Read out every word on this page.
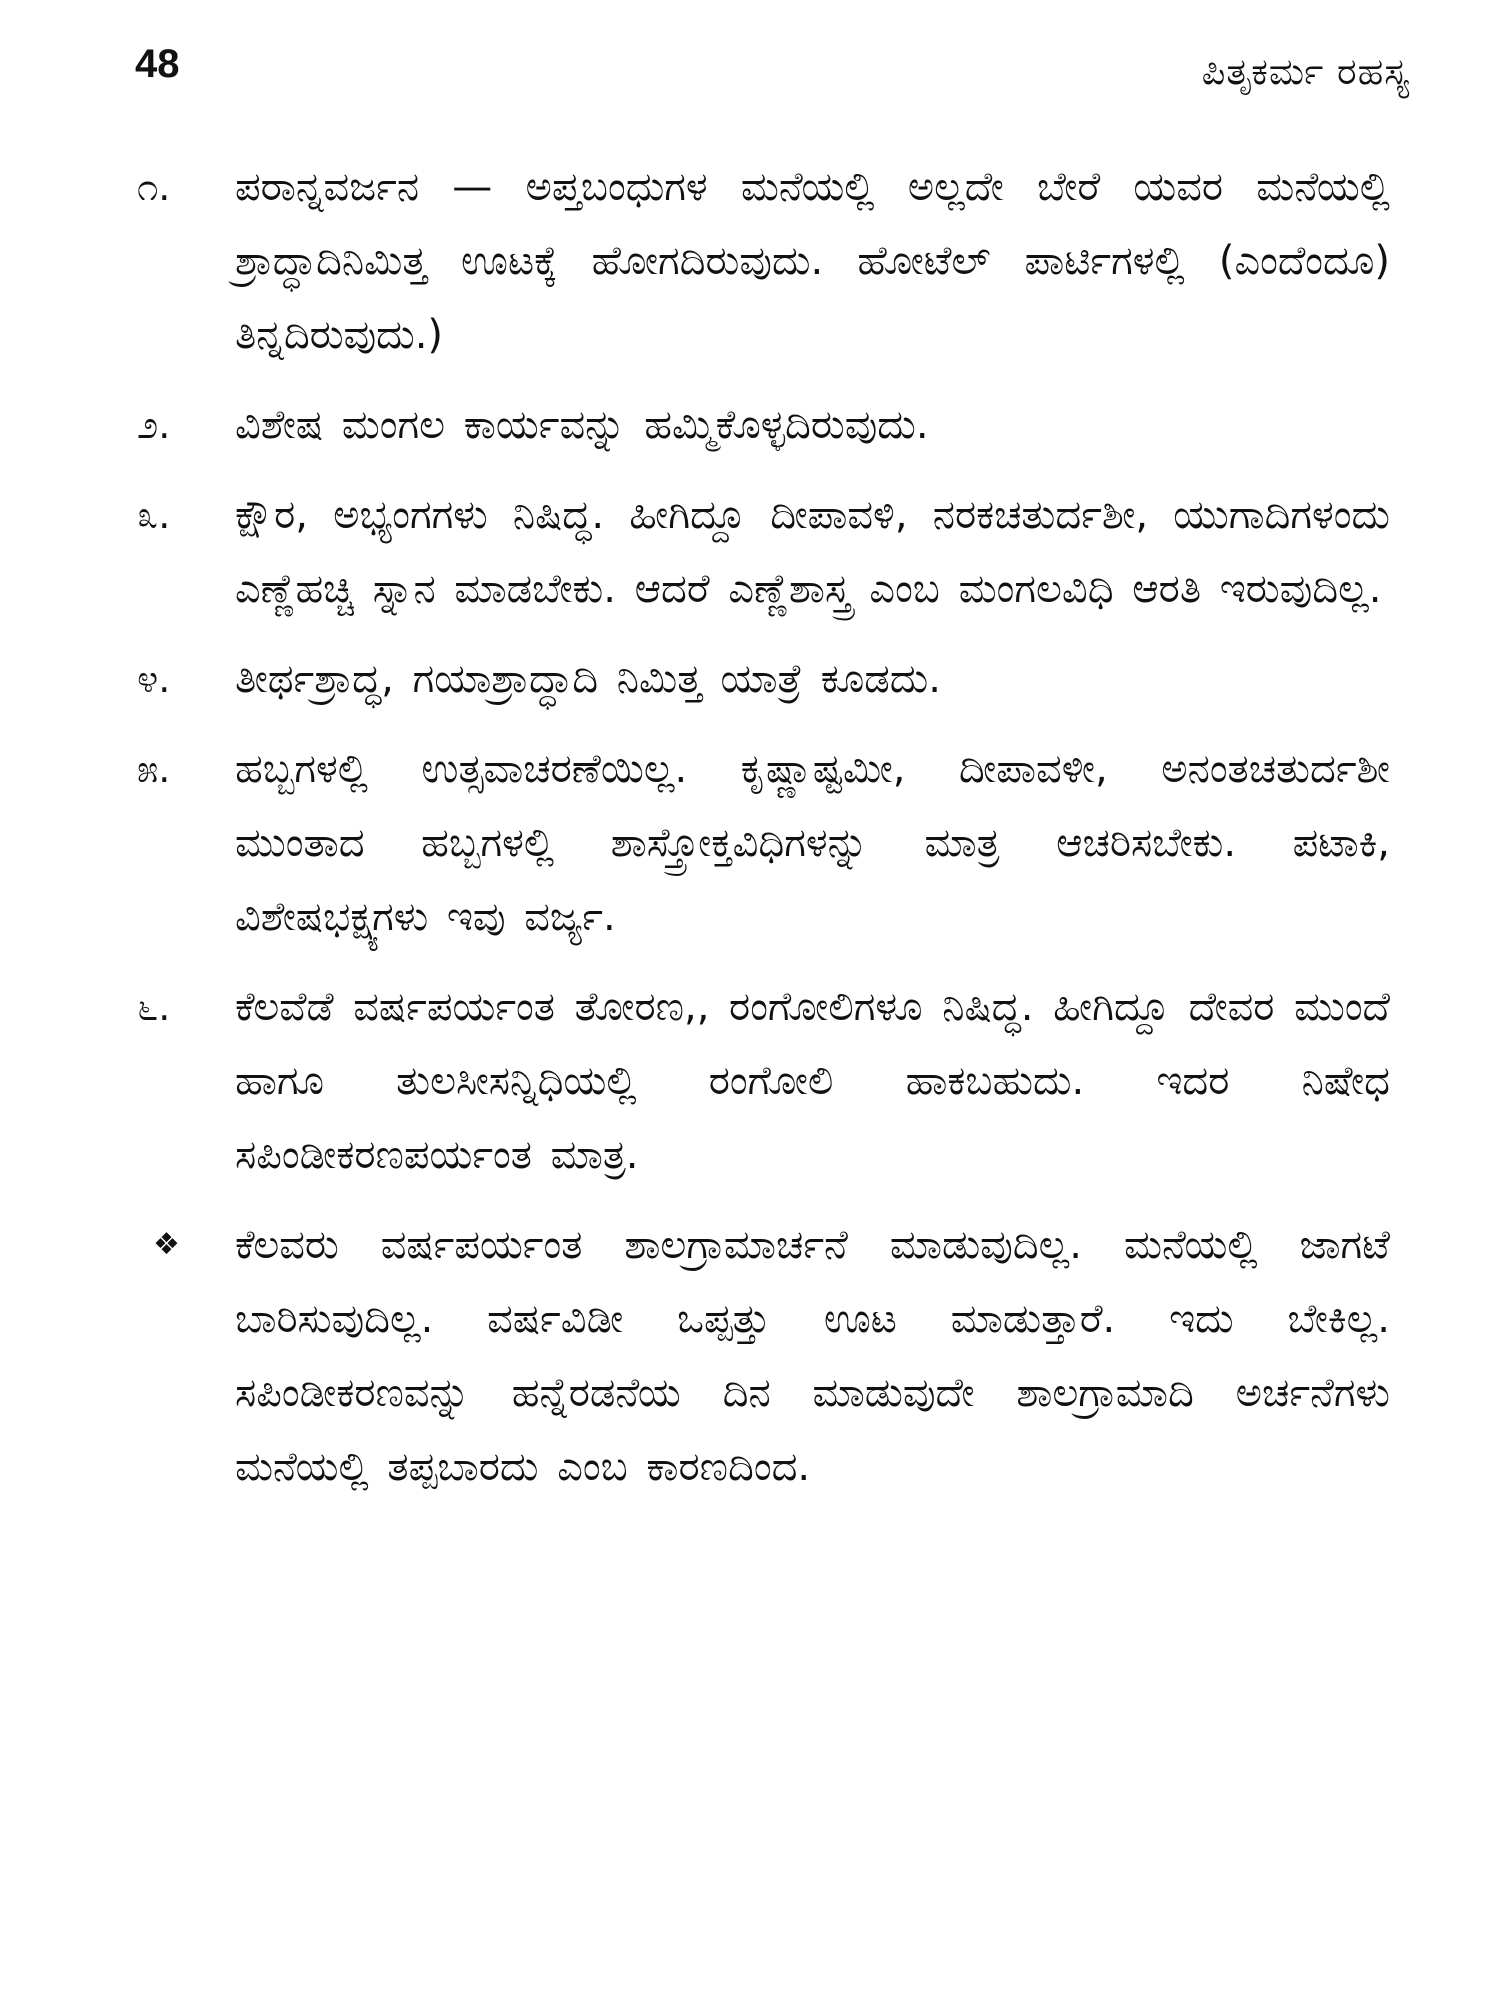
48	ಪಿತೃಕರ್ಮ ರಹಸ್ಯ
೧.	ಪರಾನ್ನವರ್ಜನ — ಅಪ್ತಬಂಧುಗಳ ಮನೆಯಲ್ಲಿ ಅಲ್ಲದೇ ಬೇರೆ ಯವರ ಮನೆಯಲ್ಲಿ ಶ್ರಾದ್ಧಾದಿನಿಮಿತ್ತ ಊಟಕ್ಕೆ ಹೋಗದಿರುವುದು. ಹೋಟೆಲ್ ಪಾರ್ಟಿಗಳಲ್ಲಿ (ಎಂದೆಂದೂ) ತಿನ್ನದಿರುವುದು.)
೨.	ವಿಶೇಷ ಮಂಗಲ ಕಾರ್ಯವನ್ನು ಹಮ್ಮಿಕೊಳ್ಳದಿರುವುದು.
೩.	ಕ್ಷೌರ, ಅಭ್ಯಂಗಗಳು ನಿಷಿದ್ಧ. ಹೀಗಿದ್ದೂ ದೀಪಾವಳಿ, ನರಕಚತುರ್ದಶೀ, ಯುಗಾದಿಗಳಂದು ಎಣ್ಣೆಹಚ್ಚಿ ಸ್ನಾನ ಮಾಡಬೇಕು. ಆದರೆ ಎಣ್ಣೆಶಾಸ್ತ್ರ ಎಂಬ ಮಂಗಲವಿಧಿ ಆರತಿ ಇರುವುದಿಲ್ಲ.
೪.	ತೀರ್ಥಶ್ರಾದ್ಧ, ಗಯಾಶ್ರಾದ್ಧಾದಿ ನಿಮಿತ್ತ ಯಾತ್ರೆ ಕೂಡದು.
೫.	ಹಬ್ಬಗಳಲ್ಲಿ ಉತ್ಸವಾಚರಣೆಯಿಲ್ಲ. ಕೃಷ್ಣಾಷ್ಟಮೀ, ದೀಪಾವಳೀ, ಅನಂತಚತುರ್ದಶೀ ಮುಂತಾದ ಹಬ್ಬಗಳಲ್ಲಿ ಶಾಸ್ತ್ರೋಕ್ತವಿಧಿಗಳನ್ನು ಮಾತ್ರ ಆಚರಿಸಬೇಕು. ಪಟಾಕಿ, ವಿಶೇಷಭಕ್ಷ್ಯಗಳು ಇವು ವರ್ಜ್ಯ.
೬.	ಕೆಲವೆಡೆ ವರ್ಷಪರ್ಯಂತ ತೋರಣ,, ರಂಗೋಲಿಗಳೂ ನಿಷಿದ್ಧ. ಹೀಗಿದ್ದೂ ದೇವರ ಮುಂದೆ ಹಾಗೂ ತುಲಸೀಸನ್ನಿಧಿಯಲ್ಲಿ ರಂಗೋಲಿ ಹಾಕಬಹುದು. ಇದರ ನಿಷೇಧ ಸಪಿಂಡೀಕರಣಪರ್ಯಂತ ಮಾತ್ರ.
❖	ಕೆಲವರು ವರ್ಷಪರ್ಯಂತ ಶಾಲಗ್ರಾಮಾರ್ಚನೆ ಮಾಡುವುದಿಲ್ಲ. ಮನೆಯಲ್ಲಿ ಜಾಗಟೆ ಬಾರಿಸುವುದಿಲ್ಲ. ವರ್ಷವಿಡೀ ಒಪ್ಪತ್ತು ಊಟ ಮಾಡುತ್ತಾರೆ. ಇದು ಬೇಕಿಲ್ಲ. ಸಪಿಂಡೀಕರಣವನ್ನು ಹನ್ನೆರಡನೆಯ ದಿನ ಮಾಡುವುದೇ ಶಾಲಗ್ರಾಮಾದಿ ಅರ್ಚನೆಗಳು ಮನೆಯಲ್ಲಿ ತಪ್ಪಬಾರದು ಎಂಬ ಕಾರಣದಿಂದ.
